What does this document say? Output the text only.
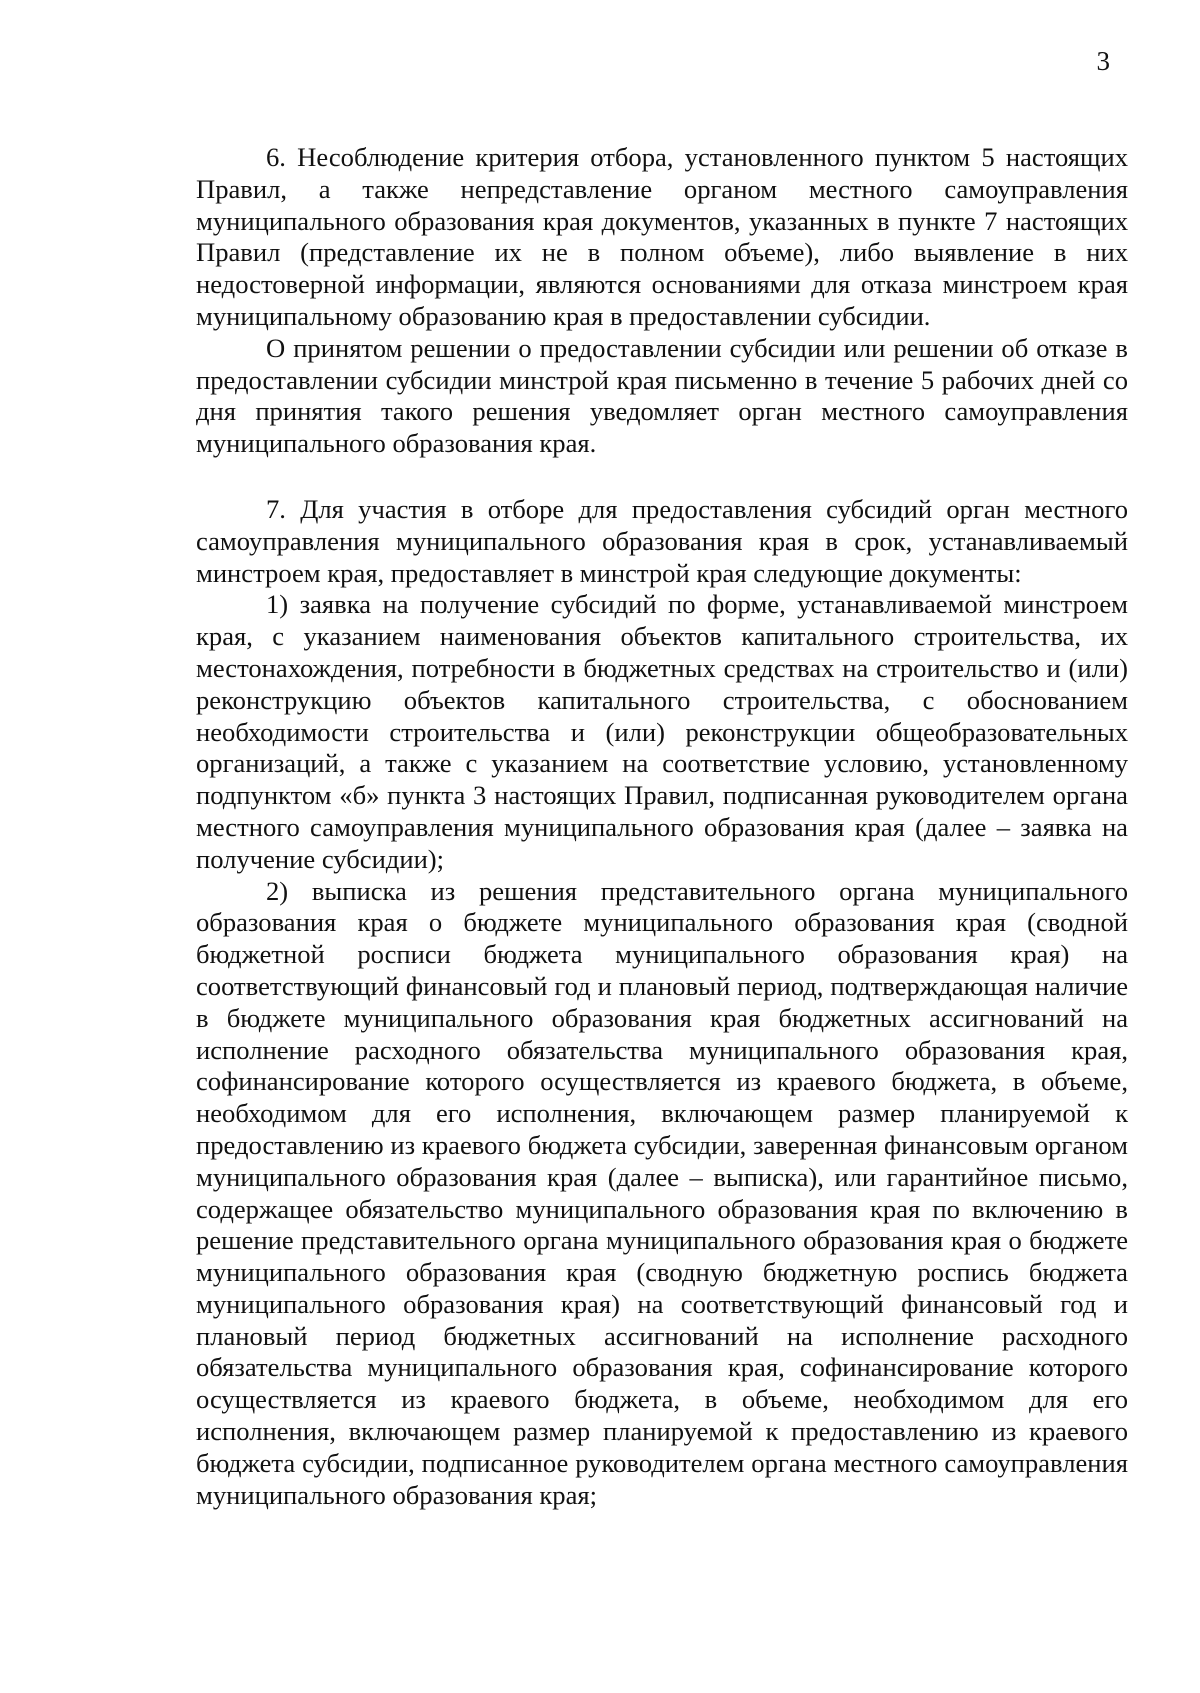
3

6. Несоблюдение критерия отбора, установленного пунктом 5 настоящих Правил, а также непредставление органом местного самоуправления муниципального образования края документов, указанных в пункте 7 настоящих Правил (представление их не в полном объеме), либо выявление в них недостоверной информации, являются основаниями для отказа минстроем края муниципальному образованию края в предоставлении субсидии.

О принятом решении о предоставлении субсидии или решении об отказе в предоставлении субсидии минстрой края письменно в течение 5 рабочих дней со дня принятия такого решения уведомляет орган местного самоуправления муниципального образования края.

7. Для участия в отборе для предоставления субсидий орган местного самоуправления муниципального образования края в срок, устанавливаемый минстроем края, предоставляет в минстрой края следующие документы:

1) заявка на получение субсидий по форме, устанавливаемой минстроем края, с указанием наименования объектов капитального строительства, их местонахождения, потребности в бюджетных средствах на строительство и (или) реконструкцию объектов капитального строительства, с обоснованием необходимости строительства и (или) реконструкции общеобразовательных организаций, а также с указанием на соответствие условию, установленному подпунктом «б» пункта 3 настоящих Правил, подписанная руководителем органа местного самоуправления муниципального образования края (далее – заявка на получение субсидии);

2) выписка из решения представительного органа муниципального образования края о бюджете муниципального образования края (сводной бюджетной росписи бюджета муниципального образования края) на соответствующий финансовый год и плановый период, подтверждающая наличие в бюджете муниципального образования края бюджетных ассигнований на исполнение расходного обязательства муниципального образования края, софинансирование которого осуществляется из краевого бюджета, в объеме, необходимом для его исполнения, включающем размер планируемой к предоставлению из краевого бюджета субсидии, заверенная финансовым органом муниципального образования края (далее – выписка), или гарантийное письмо, содержащее обязательство муниципального образования края по включению в решение представительного органа муниципального образования края о бюджете муниципального образования края (сводную бюджетную роспись бюджета муниципального образования края) на соответствующий финансовый год и плановый период бюджетных ассигнований на исполнение расходного обязательства муниципального образования края, софинансирование которого осуществляется из краевого бюджета, в объеме, необходимом для его исполнения, включающем размер планируемой к предоставлению из краевого бюджета субсидии, подписанное руководителем органа местного самоуправления муниципального образования края;
